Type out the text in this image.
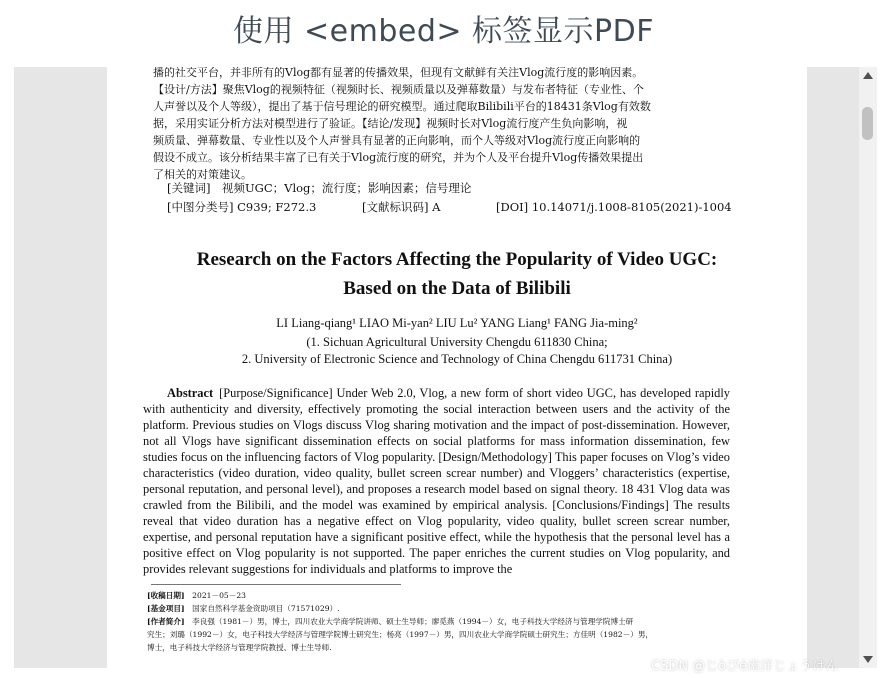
使用 <embed> 标签显示PDF
播的社交平台，并非所有的Vlog都有显著的传播效果，但现有文献鲜有关注Vlog流行度的影响因素。
【设计/方法】聚焦Vlog的视频特征（视频时长、视频质量以及弹幕数量）与发布者特征（专业性、个
人声誉以及个人等级），提出了基于信号理论的研究模型。通过爬取Bilibili平台的18431条Vlog有效数
据，采用实证分析方法对模型进行了验证。【结论/发现】视频时长对Vlog流行度产生负向影响，视
频质量、弹幕数量、专业性以及个人声誉具有显著的正向影响，而个人等级对Vlog流行度正向影响的
假设不成立。该分析结果丰富了已有关于Vlog流行度的研究，并为个人及平台提升Vlog传播效果提出
了相关的对策建议。
[关键词]　视频UGC；Vlog；流行度；影响因素；信号理论
[中图分类号] C939; F272.3	[文献标识码] A	[DOI] 10.14071/j.1008-8105(2021)-1004
Research on the Factors Affecting the Popularity of Video UGC:
Based on the Data of Bilibili
LI Liang-qiang¹ LIAO Mi-yan² LIU Lu² YANG Liang¹ FANG Jia-ming²
(1. Sichuan Agricultural University Chengdu 611830 China;
2. University of Electronic Science and Technology of China Chengdu 611731 China)
Abstract [Purpose/Significance] Under Web 2.0, Vlog, a new form of short video UGC, has developed rapidly with authenticity and diversity, effectively promoting the social interaction between users and the activity of the platform. Previous studies on Vlogs discuss Vlog sharing motivation and the impact of post-dissemination. However, not all Vlogs have significant dissemination effects on social platforms for mass information dissemination, few studies focus on the influencing factors of Vlog popularity. [Design/Methodology] This paper focuses on Vlog’s video characteristics (video duration, video quality, bullet screen screar number) and Vloggers’ characteristics (expertise, personal reputation, and personal level), and proposes a research model based on signal theory. 18 431 Vlog data was crawled from the Bilibili, and the model was examined by empirical analysis. [Conclusions/Findings] The results reveal that video duration has a negative effect on Vlog popularity, video quality, bullet screen screar number, expertise, and personal reputation have a significant positive effect, while the hypothesis that the personal level has a positive effect on Vlog popularity is not supported. The paper enriches the current studies on Vlog popularity, and provides relevant suggestions for individuals and platforms to improve the
[收稿日期]　 2021－05－23
[基金项目]　 国家自然科学基金资助项目（71571029）.
[作者简介]　 李良强（1981－）男，博士，四川农业大学商学院讲师、硕士生导师；廖觅燕（1994－）女，电子科技大学经济与管理学院博士研
究生；刘璐（1992－）女，电子科技大学经济与管理学院博士研究生；杨亮（1997－）男，四川农业大学商学院硕士研究生；方佳明（1982－）男，
博士，电子科技大学经济与管理学院教授、博士生导师.
CSDN @じòぴé南洋じょうけん
